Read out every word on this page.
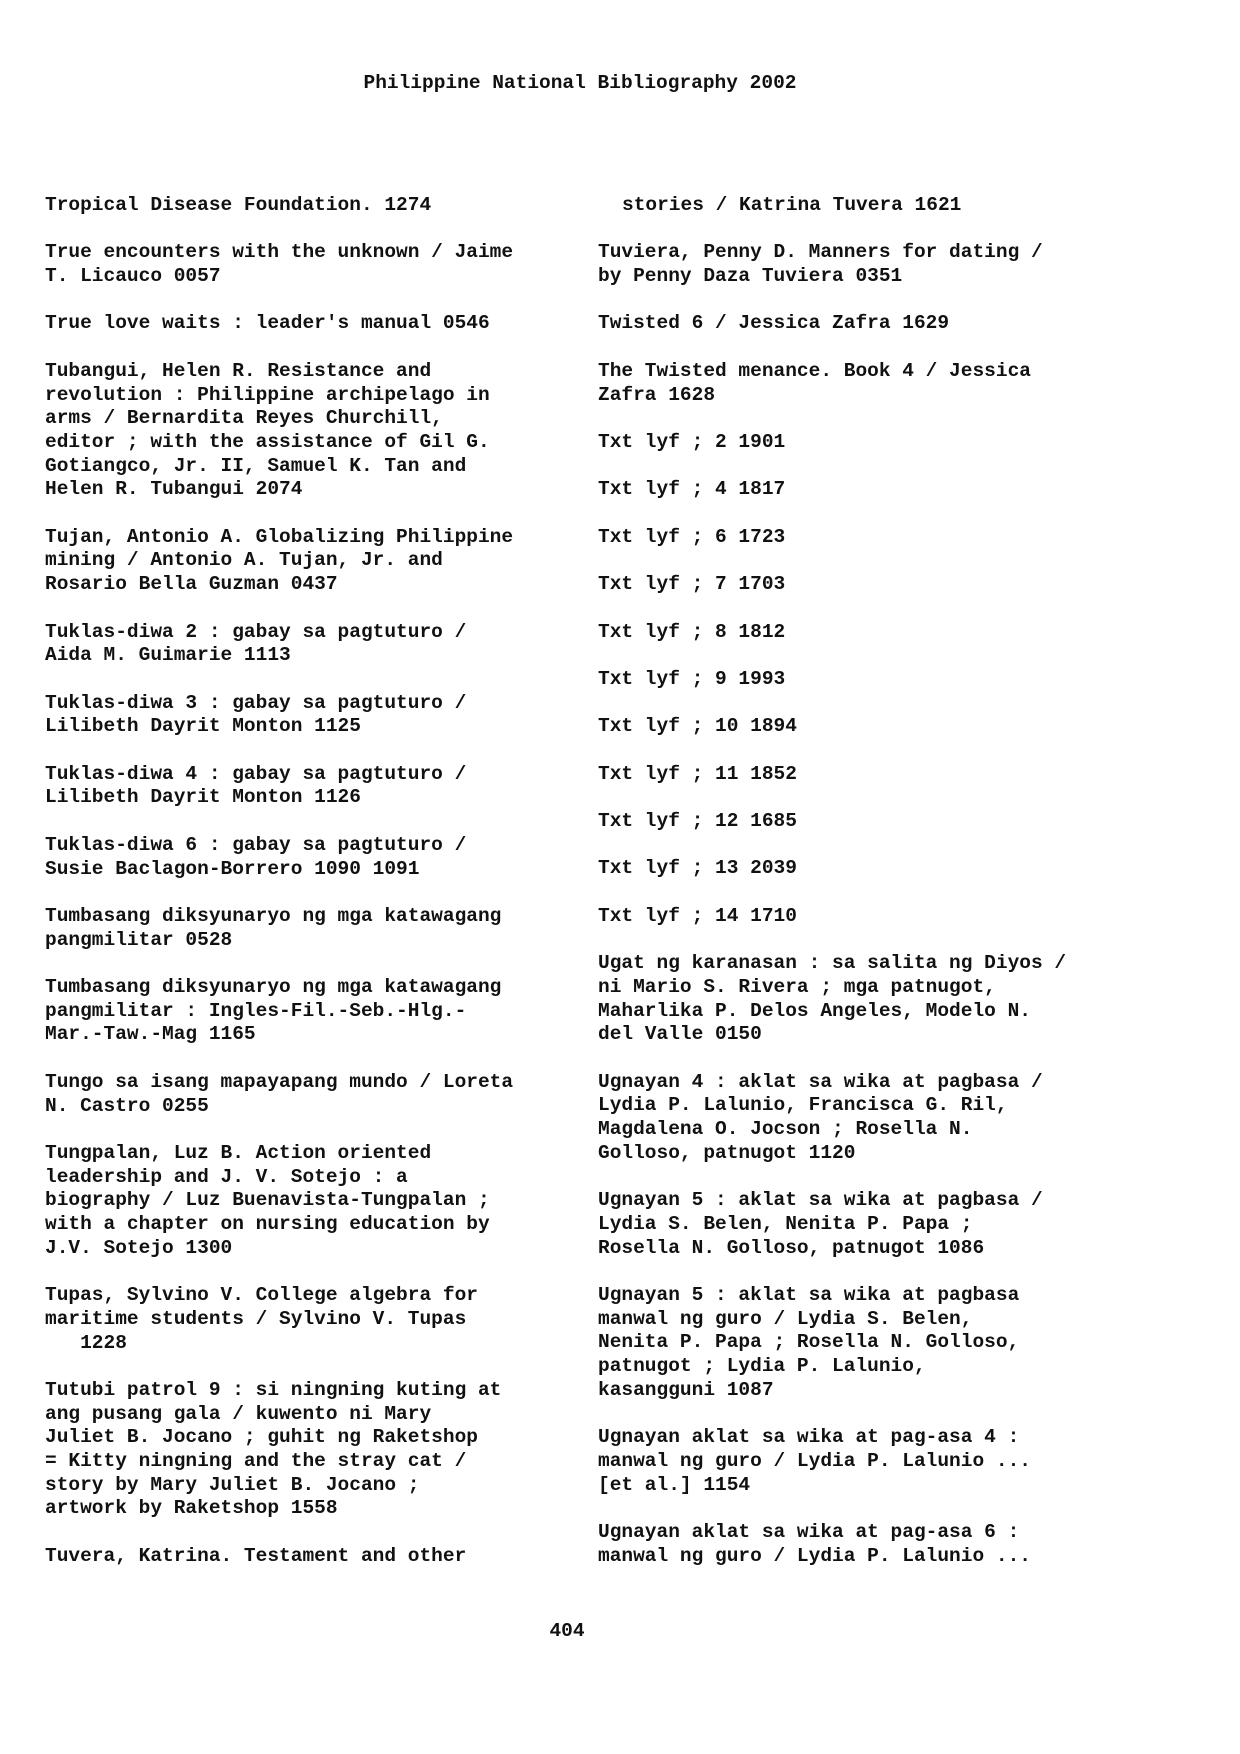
Philippine National Bibliography 2002
Tropical Disease Foundation. 1274
True encounters with the unknown / Jaime
T. Licauco 0057
True love waits : leader's manual 0546
Tubangui, Helen R. Resistance and
revolution : Philippine archipelago in
arms / Bernardita Reyes Churchill,
editor ; with the assistance of Gil G.
Gotiangco, Jr. II, Samuel K. Tan and
Helen R. Tubangui 2074
Tujan, Antonio A. Globalizing Philippine
mining / Antonio A. Tujan, Jr. and
Rosario Bella Guzman 0437
Tuklas-diwa 2 : gabay sa pagtuturo /
Aida M. Guimarie 1113
Tuklas-diwa 3 : gabay sa pagtuturo /
Lilibeth Dayrit Monton 1125
Tuklas-diwa 4 : gabay sa pagtuturo /
Lilibeth Dayrit Monton 1126
Tuklas-diwa 6 : gabay sa pagtuturo /
Susie Baclagon-Borrero 1090 1091
Tumbasang diksyunaryo ng mga katawagang
pangmilitar 0528
Tumbasang diksyunaryo ng mga katawagang
pangmilitar : Ingles-Fil.-Seb.-Hlg.-
Mar.-Taw.-Mag 1165
Tungo sa isang mapayapang mundo / Loreta
N. Castro 0255
Tungpalan, Luz B. Action oriented
leadership and J. V. Sotejo : a
biography / Luz Buenavista-Tungpalan ;
with a chapter on nursing education by
J.V. Sotejo 1300
Tupas, Sylvino V. College algebra for
maritime students / Sylvino V. Tupas
1228
Tutubi patrol 9 : si ningning kuting at
ang pusang gala / kuwento ni Mary
Juliet B. Jocano ; guhit ng Raketshop
= Kitty ningning and the stray cat /
story by Mary Juliet B. Jocano ;
artwork by Raketshop 1558
Tuvera, Katrina. Testament and other
stories / Katrina Tuvera 1621
Tuviera, Penny D. Manners for dating /
by Penny Daza Tuviera 0351
Twisted 6 / Jessica Zafra 1629
The Twisted menance. Book 4 / Jessica
Zafra 1628
Txt lyf ; 2 1901
Txt lyf ; 4 1817
Txt lyf ; 6 1723
Txt lyf ; 7 1703
Txt lyf ; 8 1812
Txt lyf ; 9 1993
Txt lyf ; 10 1894
Txt lyf ; 11 1852
Txt lyf ; 12 1685
Txt lyf ; 13 2039
Txt lyf ; 14 1710
Ugat ng karanasan : sa salita ng Diyos /
ni Mario S. Rivera ; mga patnugot,
Maharlika P. Delos Angeles, Modelo N.
del Valle 0150
Ugnayan 4 : aklat sa wika at pagbasa /
Lydia P. Lalunio, Francisca G. Ril,
Magdalena O. Jocson ; Rosella N.
Golloso, patnugot 1120
Ugnayan 5 : aklat sa wika at pagbasa /
Lydia S. Belen, Nenita P. Papa ;
Rosella N. Golloso, patnugot 1086
Ugnayan 5 : aklat sa wika at pagbasa
manwal ng guro / Lydia S. Belen,
Nenita P. Papa ; Rosella N. Golloso,
patnugot ; Lydia P. Lalunio,
kasangguni 1087
Ugnayan aklat sa wika at pag-asa 4 :
manwal ng guro / Lydia P. Lalunio ...
[et al.] 1154
Ugnayan aklat sa wika at pag-asa 6 :
manwal ng guro / Lydia P. Lalunio ...
404
